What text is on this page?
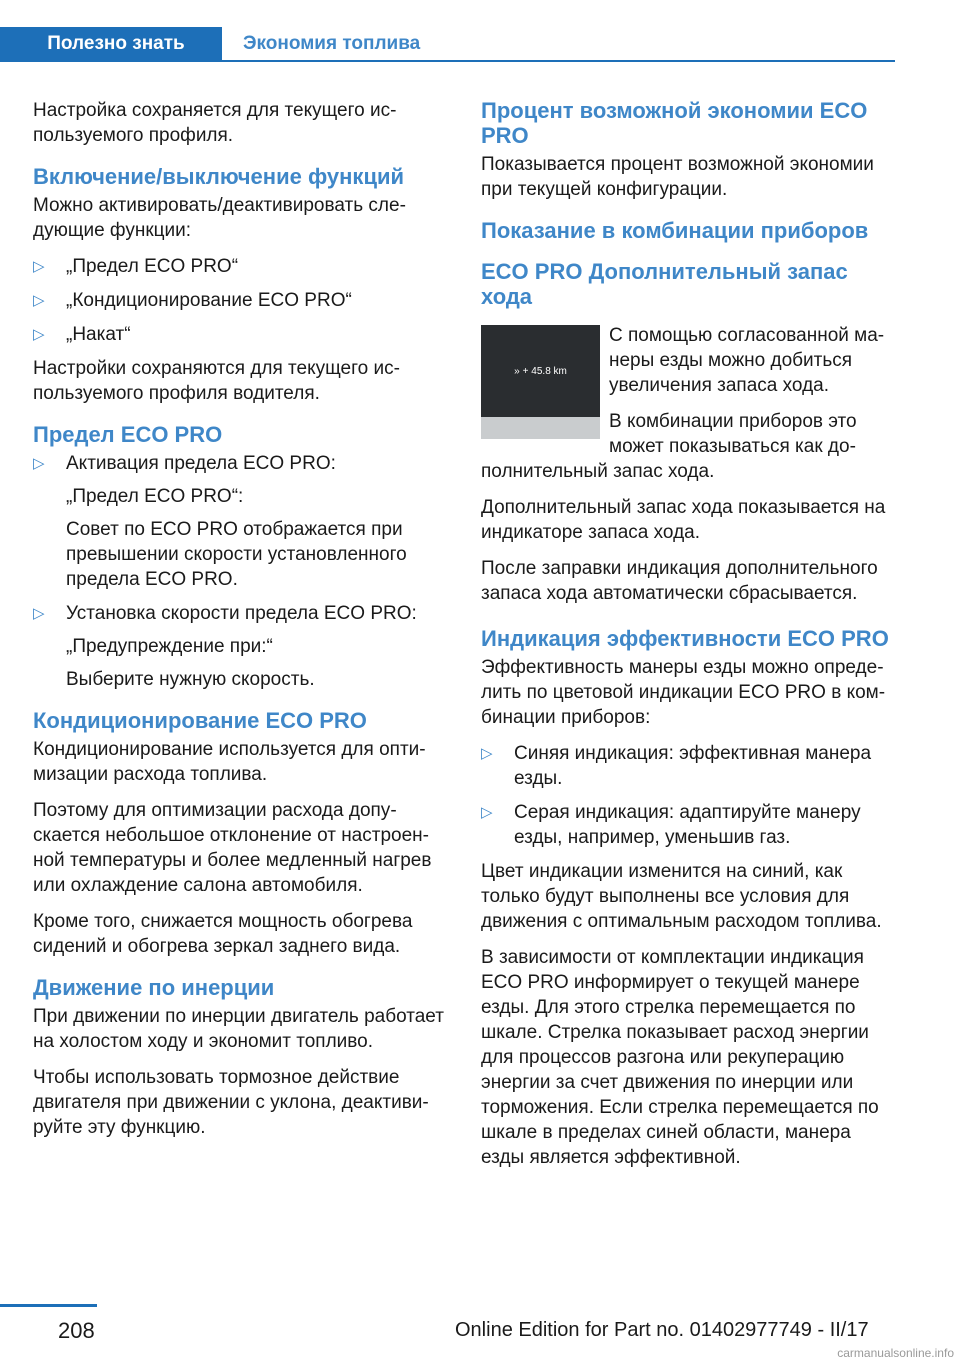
Полезно знать	Экономия топлива

Настройка сохраняется для текущего используемого профиля.

Включение/выключение функций

Можно активировать/деактивировать следующие функции:

▷ „Предел ECO PRO“
▷ „Кондиционирование ECO PRO“
▷ „Накат“

Настройки сохраняются для текущего используемого профиля водителя.

Предел ECO PRO
▷ Активация предела ECO PRO:
„Предел ECO PRO“:
Совет по ECO PRO отображается при превышении скорости установленного предела ECO PRO.
▷ Установка скорости предела ECO PRO:
„Предупреждение при:“
Выберите нужную скорость.
Кондиционирование ECO PRO

Кондиционирование используется для оптимизации расхода топлива.

Поэтому для оптимизации расхода допускается небольшое отклонение от настроенной температуры и более медленный нагрев или охлаждение салона автомобиля.

Кроме того, снижается мощность обогрева сидений и обогрева зеркал заднего вида.

Движение по инерции

При движении по инерции двигатель работает на холостом ходу и экономит топливо.

Чтобы использовать тормозное действие двигателя при движении с уклона, деактивируйте эту функцию.

Процент возможной экономии ECO PRO

Показывается процент возможной экономии при текущей конфигурации.

Показание в комбинации приборов
ECO PRO Дополнительный запас хода
» + 45.8 km

С помощью согласованной манеры езды можно добиться увеличения запаса хода.

В комбинации приборов это может показываться как дополнительный запас хода.

Дополнительный запас хода показывается на индикаторе запаса хода.

После заправки индикация дополнительного запаса хода автоматически сбрасывается.

Индикация эффективности ECO PRO

Эффективность манеры езды можно определить по цветовой индикации ECO PRO в комбинации приборов:

▷ Синяя индикация: эффективная манера езды.
▷ Серая индикация: адаптируйте манеру езды, например, уменьшив газ.

Цвет индикации изменится на синий, как только будут выполнены все условия для движения с оптимальным расходом топлива.

В зависимости от комплектации индикация ECO PRO информирует о текущей манере езды. Для этого стрелка перемещается по шкале. Стрелка показывает расход энергии для процессов разгона или рекуперацию энергии за счет движения по инерции или торможения. Если стрелка перемещается по шкале в пределах синей области, манера езды является эффективной.

208	Online Edition for Part no. 01402977749 - II/17
carmanualsonline.info
